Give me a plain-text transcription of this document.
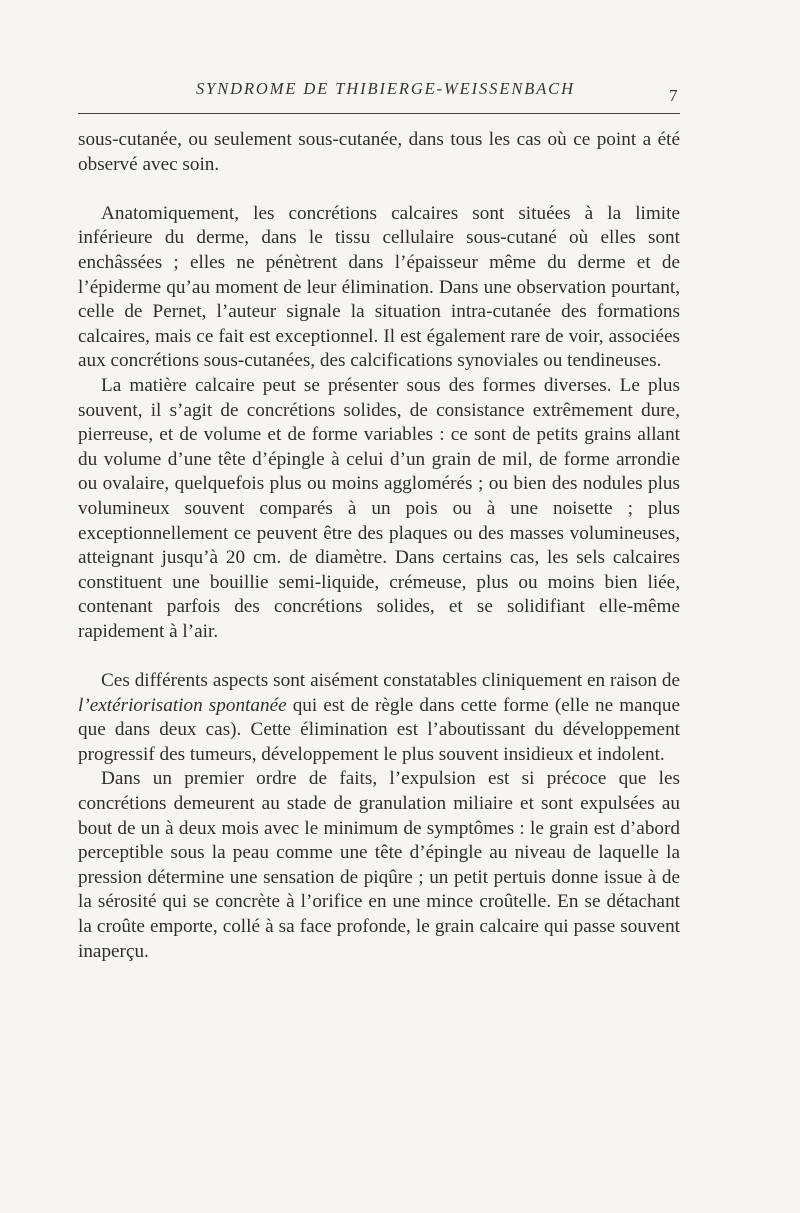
SYNDROME DE THIBIERGE-WEISSENBACH	7

sous-cutanée, ou seulement sous-cutanée, dans tous les cas où ce point a été observé avec soin.

Anatomiquement, les concrétions calcaires sont situées à la limite inférieure du derme, dans le tissu cellulaire sous-cutané où elles sont enchâssées ; elles ne pénètrent dans l’épaisseur même du derme et de l’épiderme qu’au moment de leur élimination. Dans une observation pourtant, celle de Pernet, l’auteur signale la situation intra-cutanée des formations calcaires, mais ce fait est exceptionnel. Il est également rare de voir, associées aux concrétions sous-cutanées, des calcifications synoviales ou tendineuses.

La matière calcaire peut se présenter sous des formes diverses. Le plus souvent, il s’agit de concrétions solides, de consistance extrêmement dure, pierreuse, et de volume et de forme variables : ce sont de petits grains allant du volume d’une tête d’épingle à celui d’un grain de mil, de forme arrondie ou ovalaire, quelquefois plus ou moins agglomérés ; ou bien des nodules plus volumineux souvent comparés à un pois ou à une noisette ; plus exceptionnellement ce peuvent être des plaques ou des masses volumineuses, atteignant jusqu’à 20 cm. de diamètre. Dans certains cas, les sels calcaires constituent une bouillie semi-liquide, crémeuse, plus ou moins bien liée, contenant parfois des concrétions solides, et se solidifiant elle-même rapidement à l’air.

Ces différents aspects sont aisément constatables cliniquement en raison de l’extériorisation spontanée qui est de règle dans cette forme (elle ne manque que dans deux cas). Cette élimination est l’aboutissant du développement progressif des tumeurs, développement le plus souvent insidieux et indolent.

Dans un premier ordre de faits, l’expulsion est si précoce que les concrétions demeurent au stade de granulation miliaire et sont expulsées au bout de un à deux mois avec le minimum de symptômes : le grain est d’abord perceptible sous la peau comme une tête d’épingle au niveau de laquelle la pression détermine une sensation de piqûre ; un petit pertuis donne issue à de la sérosité qui se concrète à l’orifice en une mince croûtelle. En se détachant la croûte emporte, collé à sa face profonde, le grain calcaire qui passe souvent inaperçu.
